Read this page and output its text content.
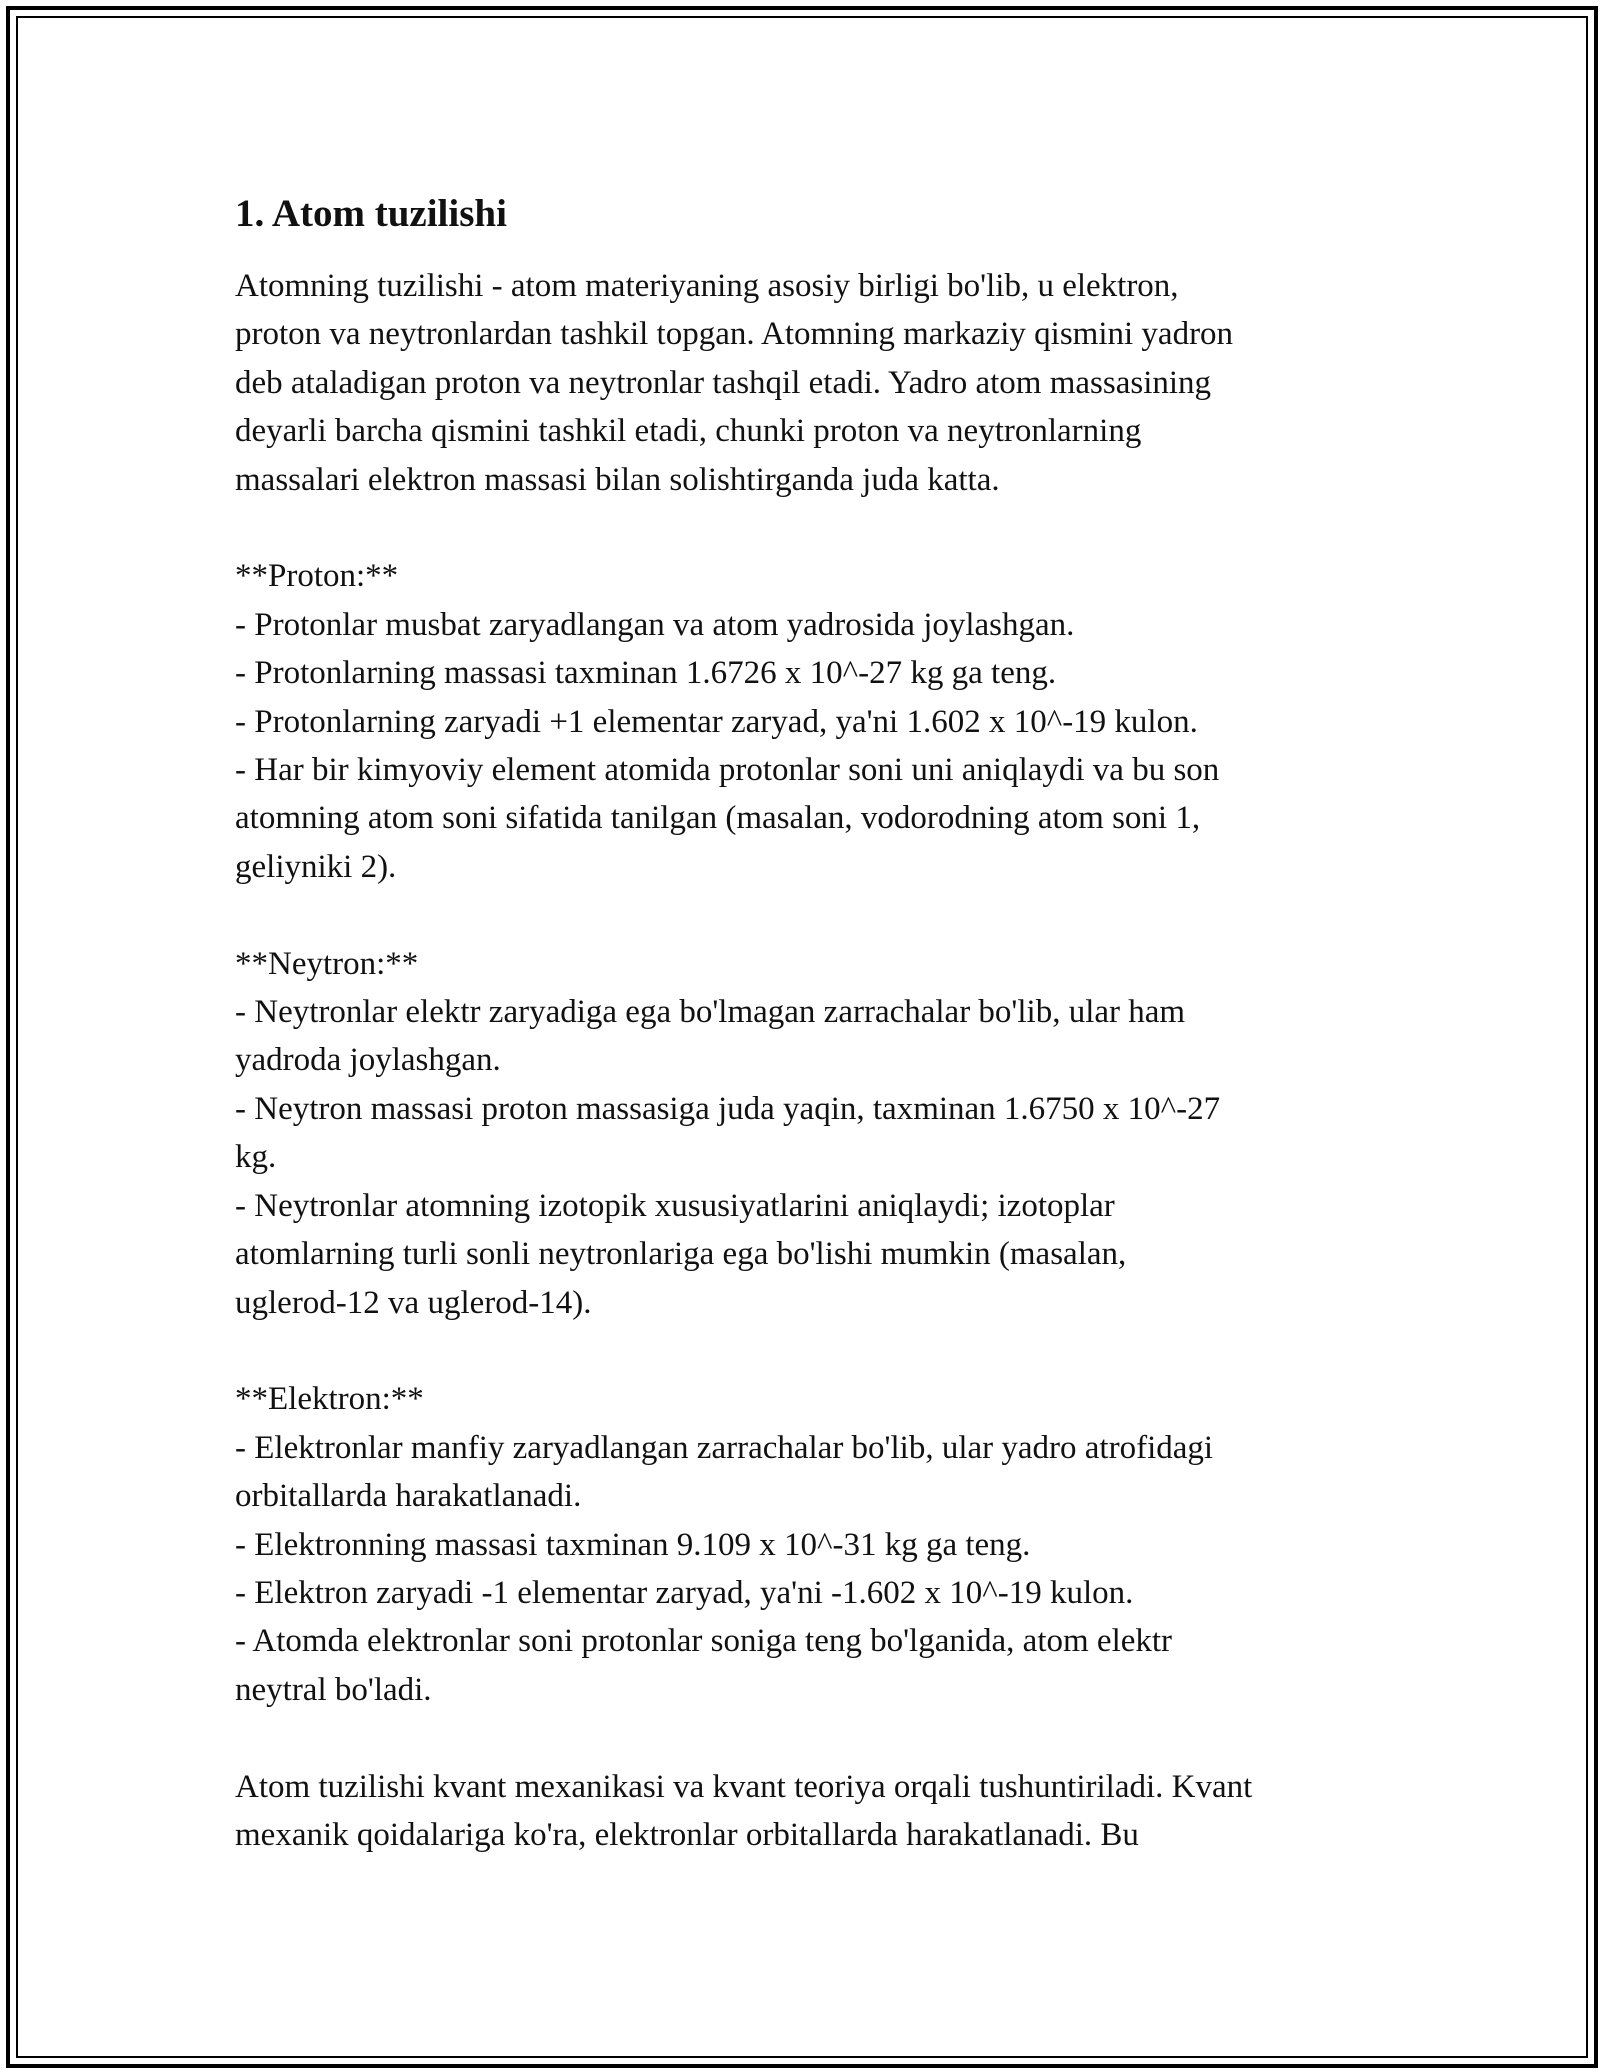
1. Atom tuzilishi
Atomning tuzilishi - atom materiyaning asosiy birligi bo'lib, u elektron,
proton va neytronlardan tashkil topgan. Atomning markaziy qismini yadron
deb ataladigan proton va neytronlar tashqil etadi. Yadro atom massasining
deyarli barcha qismini tashkil etadi, chunki proton va neytronlarning
massalari elektron massasi bilan solishtirganda juda katta.
**Proton:**
- Protonlar musbat zaryadlangan va atom yadrosida joylashgan.
- Protonlarning massasi taxminan 1.6726 x 10^-27 kg ga teng.
- Protonlarning zaryadi +1 elementar zaryad, ya'ni 1.602 x 10^-19 kulon.
- Har bir kimyoviy element atomida protonlar soni uni aniqlaydi va bu son
atomning atom soni sifatida tanilgan (masalan, vodorodning atom soni 1,
geliyniki 2).
**Neytron:**
- Neytronlar elektr zaryadiga ega bo'lmagan zarrachalar bo'lib, ular ham
yadroda joylashgan.
- Neytron massasi proton massasiga juda yaqin, taxminan 1.6750 x 10^-27
kg.
- Neytronlar atomning izotopik xususiyatlarini aniqlaydi; izotoplar
atomlarning turli sonli neytronlariga ega bo'lishi mumkin (masalan,
uglerod-12 va uglerod-14).
**Elektron:**
- Elektronlar manfiy zaryadlangan zarrachalar bo'lib, ular yadro atrofidagi
orbitallarda harakatlanadi.
- Elektronning massasi taxminan 9.109 x 10^-31 kg ga teng.
- Elektron zaryadi -1 elementar zaryad, ya'ni -1.602 x 10^-19 kulon.
- Atomda elektronlar soni protonlar soniga teng bo'lganida, atom elektr
neytral bo'ladi.
Atom tuzilishi kvant mexanikasi va kvant teoriya orqali tushuntiriladi. Kvant
mexanik qoidalariga ko'ra, elektronlar orbitallarda harakatlanadi. Bu
